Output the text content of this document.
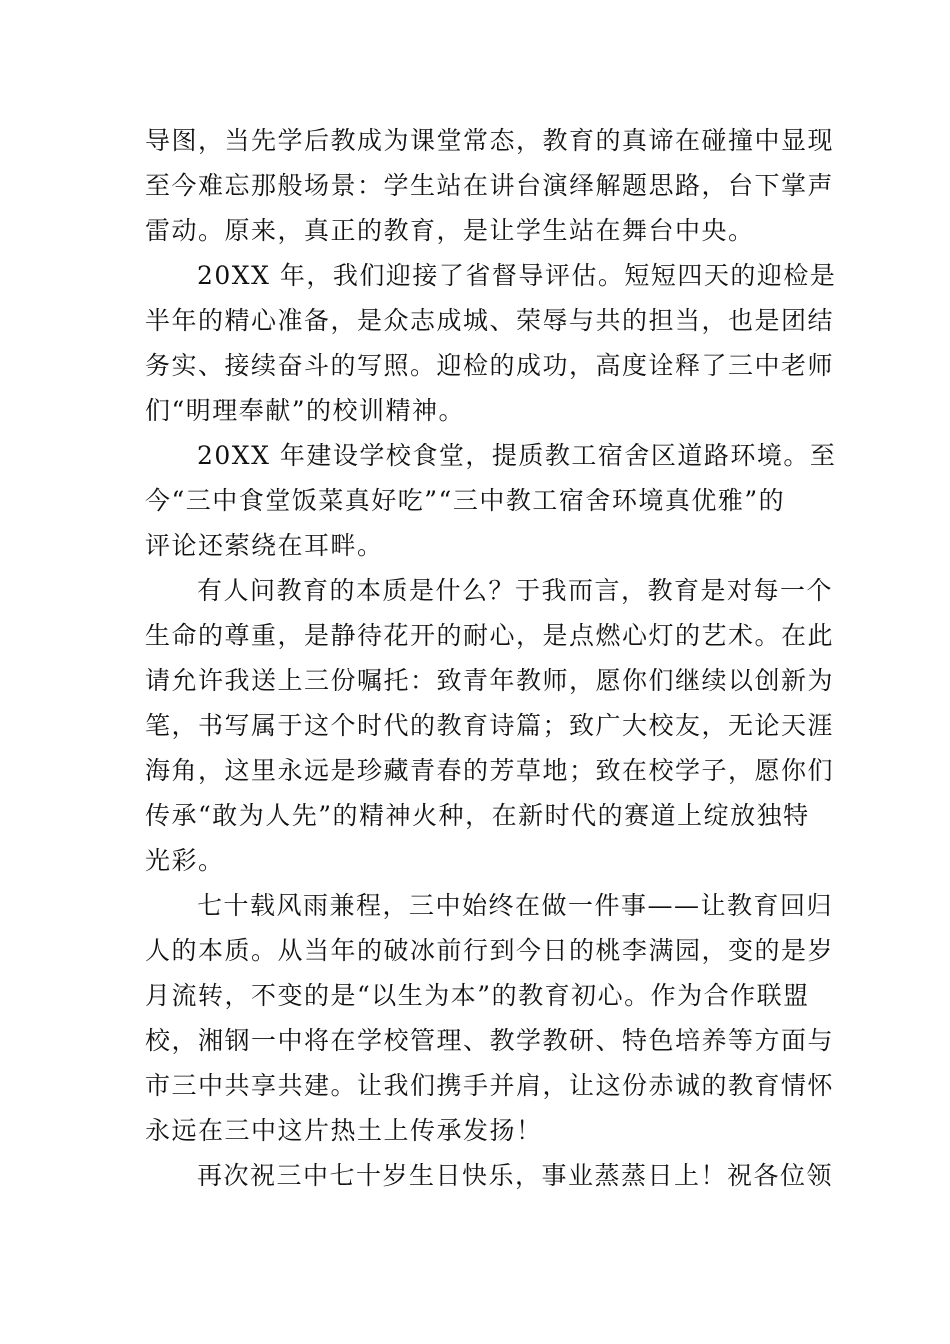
导图，当先学后教成为课堂常态，教育的真谛在碰撞中显现
至今难忘那般场景：学生站在讲台演绎解题思路，台下掌声
雷动。原来，真正的教育，是让学生站在舞台中央。

20XX 年，我们迎接了省督导评估。短短四天的迎检是
半年的精心准备，是众志成城、荣辱与共的担当，也是团结
务实、接续奋斗的写照。迎检的成功，高度诠释了三中老师
们“明理奉献”的校训精神。

20XX 年建设学校食堂，提质教工宿舍区道路环境。至
今“三中食堂饭菜真好吃”“三中教工宿舍环境真优雅”的
评论还萦绕在耳畔。

有人问教育的本质是什么？于我而言，教育是对每一个
生命的尊重，是静待花开的耐心，是点燃心灯的艺术。在此
请允许我送上三份嘱托：致青年教师，愿你们继续以创新为
笔，书写属于这个时代的教育诗篇；致广大校友，无论天涯
海角，这里永远是珍藏青春的芳草地；致在校学子，愿你们
传承“敢为人先”的精神火种，在新时代的赛道上绽放独特
光彩。

七十载风雨兼程，三中始终在做一件事——让教育回归
人的本质。从当年的破冰前行到今日的桃李满园，变的是岁
月流转，不变的是“以生为本”的教育初心。作为合作联盟
校，湘钢一中将在学校管理、教学教研、特色培养等方面与
市三中共享共建。让我们携手并肩，让这份赤诚的教育情怀
永远在三中这片热土上传承发扬！

再次祝三中七十岁生日快乐，事业蒸蒸日上！祝各位领
